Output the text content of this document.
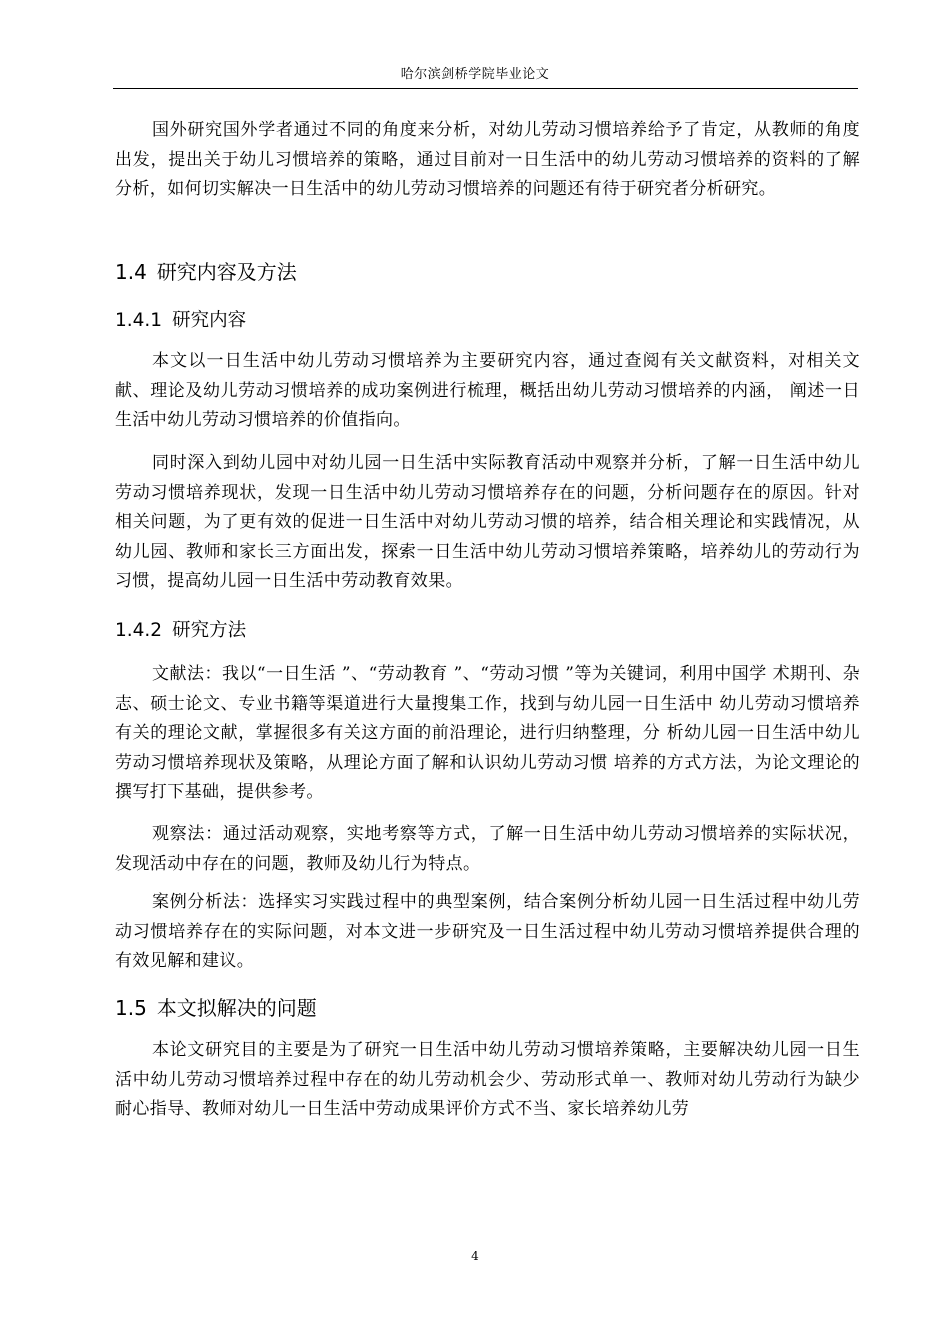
哈尔滨剑桥学院毕业论文

国外研究国外学者通过不同的角度来分析，对幼儿劳动习惯培养给予了肯定，从教师的角度出发，提出关于幼儿习惯培养的策略，通过目前对一日生活中的幼儿劳动习惯培养的资料的了解分析，如何切实解决一日生活中的幼儿劳动习惯培养的问题还有待于研究者分析研究。

1.4 研究内容及方法
1.4.1 研究内容

本文以一日生活中幼儿劳动习惯培养为主要研究内容，通过查阅有关文献资料，对相关文献、理论及幼儿劳动习惯培养的成功案例进行梳理，概括出幼儿劳动习惯培养的内涵， 阐述一日生活中幼儿劳动习惯培养的价值指向。

同时深入到幼儿园中对幼儿园一日生活中实际教育活动中观察并分析，了解一日生活中幼儿劳动习惯培养现状，发现一日生活中幼儿劳动习惯培养存在的问题，分析问题存在的原因。针对相关问题，为了更有效的促进一日生活中对幼儿劳动习惯的培养，结合相关理论和实践情况，从幼儿园、教师和家长三方面出发，探索一日生活中幼儿劳动习惯培养策略，培养幼儿的劳动行为习惯，提高幼儿园一日生活中劳动教育效果。

1.4.2 研究方法

文献法：我以“一日生活 ”、“劳动教育 ”、“劳动习惯 ”等为关键词，利用中国学 术期刊、杂志、硕士论文、专业书籍等渠道进行大量搜集工作，找到与幼儿园一日生活中 幼儿劳动习惯培养有关的理论文献，掌握很多有关这方面的前沿理论，进行归纳整理，分 析幼儿园一日生活中幼儿劳动习惯培养现状及策略，从理论方面了解和认识幼儿劳动习惯 培养的方式方法，为论文理论的撰写打下基础，提供参考。

观察法：通过活动观察，实地考察等方式，了解一日生活中幼儿劳动习惯培养的实际状况，发现活动中存在的问题，教师及幼儿行为特点。

案例分析法：选择实习实践过程中的典型案例，结合案例分析幼儿园一日生活过程中幼儿劳动习惯培养存在的实际问题，对本文进一步研究及一日生活过程中幼儿劳动习惯培养提供合理的有效见解和建议。

1.5 本文拟解决的问题

本论文研究目的主要是为了研究一日生活中幼儿劳动习惯培养策略，主要解决幼儿园一日生活中幼儿劳动习惯培养过程中存在的幼儿劳动机会少、劳动形式单一、教师对幼儿劳动行为缺少耐心指导、教师对幼儿一日生活中劳动成果评价方式不当、家长培养幼儿劳

4
